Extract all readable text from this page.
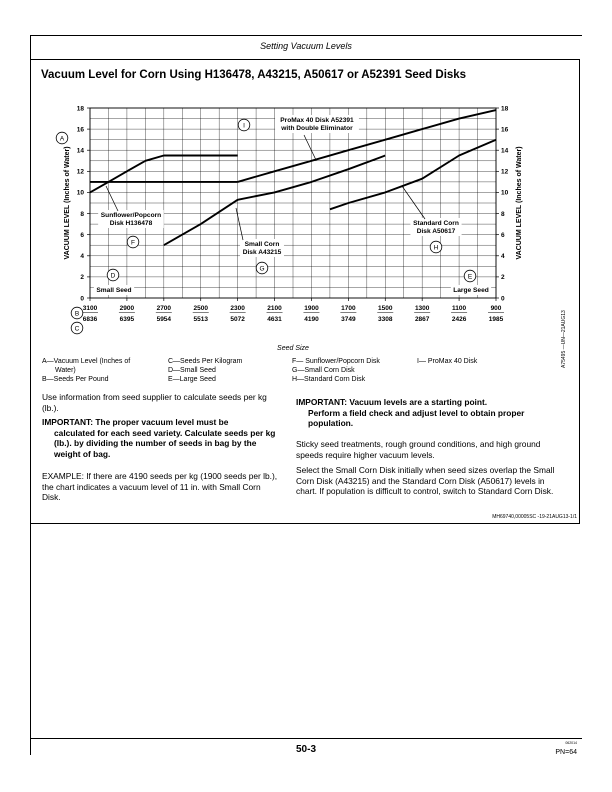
Setting Vacuum Levels
Vacuum Level for Corn Using H136478, A43215, A50617 or A52391 Seed Disks
0	0
2	2
4	4
6	6
8	8
10	10
12	12
14	14
16	16
18	18
3100
6836
2900
6395
2700
5954
2500
5513
2300
5072
2100
4631
1900
4190
1700
3749
1500
3308
1300
2867
1100
2426
900
1985
VACUUM LEVEL (Inches of Water)	VACUUM LEVEL (Inches of Water)
Seed Size
ProMax 40 Disk A52391
with Double Eliminator
Sunflower/Popcorn
Disk H136478
Small Corn
Disk A43215
Standard Corn
Disk A50617
Small Seed	Large Seed
A
B
C
D	E
F
G
H
I
A75495 —UN—21AUG13
A—Vacuum Level (Inches of
Water)
B—Seeds Per Pound
C—Seeds Per Kilogram
D—Small Seed
E—Large Seed
F— Sunflower/Popcorn Disk
G—Small Corn Disk
H—Standard Corn Disk
I— ProMax 40 Disk
Use information from seed supplier to calculate seeds per kg (lb.).
IMPORTANT: The proper vacuum level must be
calculated for each seed variety. Calculate seeds per kg (lb.). by dividing the number of seeds in bag by the weight of bag.
EXAMPLE: If there are 4190 seeds per kg (1900 seeds per lb.), the chart indicates a vacuum level of 11 in. with Small Corn Disk.
IMPORTANT: Vacuum levels are a starting point.
Perform a field check and adjust level to obtain proper population.
Sticky seed treatments, rough ground conditions, and high ground speeds require higher vacuum levels.
Select the Small Corn Disk initially when seed sizes overlap the Small Corn Disk (A43215) and the Standard Corn Disk (A50617) levels in chart. If population is difficult to control, switch to Standard Corn Disk.
MH69740,00005SC -19-21AUG13-1/1
062014
50-3	PN=64
